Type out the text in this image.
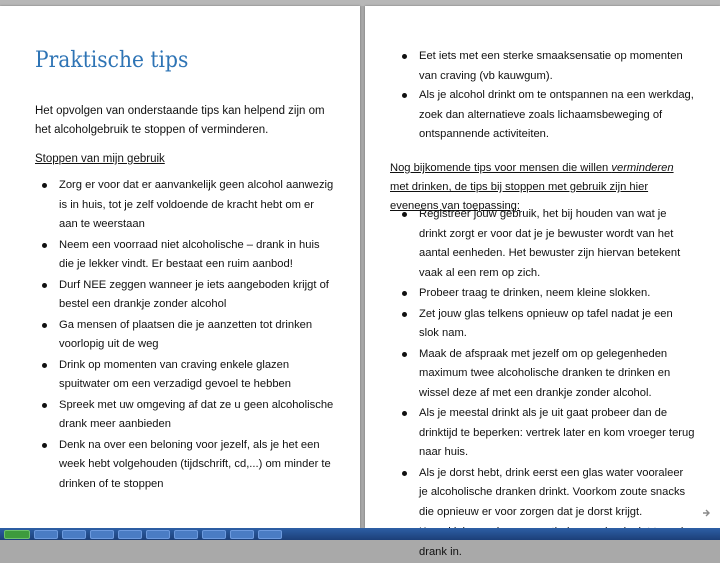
Praktische tips

Het opvolgen van onderstaande tips kan helpend zijn om het alcoholgebruik te stoppen of verminderen.

Stoppen van mijn gebruik

Zorg er voor dat er aanvankelijk geen alcohol aanwezig is in huis, tot je zelf voldoende de kracht hebt om er aan te weerstaan
Neem een voorraad niet alcoholische – drank in huis die je lekker vindt. Er bestaat een ruim aanbod!
Durf NEE zeggen wanneer je iets aangeboden krijgt of bestel een drankje zonder alcohol
Ga mensen of plaatsen die je aanzetten tot drinken voorlopig uit de weg
Drink op momenten van craving enkele glazen spuitwater om een verzadigd gevoel te hebben
Spreek met uw omgeving af dat ze u geen alcoholische drank meer aanbieden
Denk na over een beloning voor jezelf, als je het een week hebt volgehouden (tijdschrift, cd,...) om minder te drinken of te stoppen
Eet iets met een sterke smaaksensatie op momenten van craving (vb kauwgum).
Als je alcohol drinkt om te ontspannen na een werkdag, zoek dan alternatieve zoals lichaamsbeweging of ontspannende activiteiten.

Nog bijkomende tips voor mensen die willen verminderen met drinken, de tips bij stoppen met gebruik zijn hier eveneens van toepassing:

Registreer jouw gebruik, het bij houden van wat je drinkt zorgt er voor dat je je bewuster wordt van het aantal eenheden. Het bewuster zijn hiervan betekent vaak al een rem op zich.
Probeer traag te drinken, neem kleine slokken.
Zet jouw glas telkens opnieuw op tafel nadat je een slok nam.
Maak de afspraak met jezelf om op gelegenheden maximum twee alcoholische dranken te drinken en wissel deze af met een drankje zonder alcohol.
Als je meestal drinkt als je uit gaat probeer dan de drinktijd te beperken: vertrek later en kom vroeger terug naar huis.
Als je dorst hebt, drink eerst een glas water vooraleer je alcoholische dranken drinkt. Voorkom zoute snacks die opnieuw er voor zorgen dat je dorst krijgt.
drank in.
